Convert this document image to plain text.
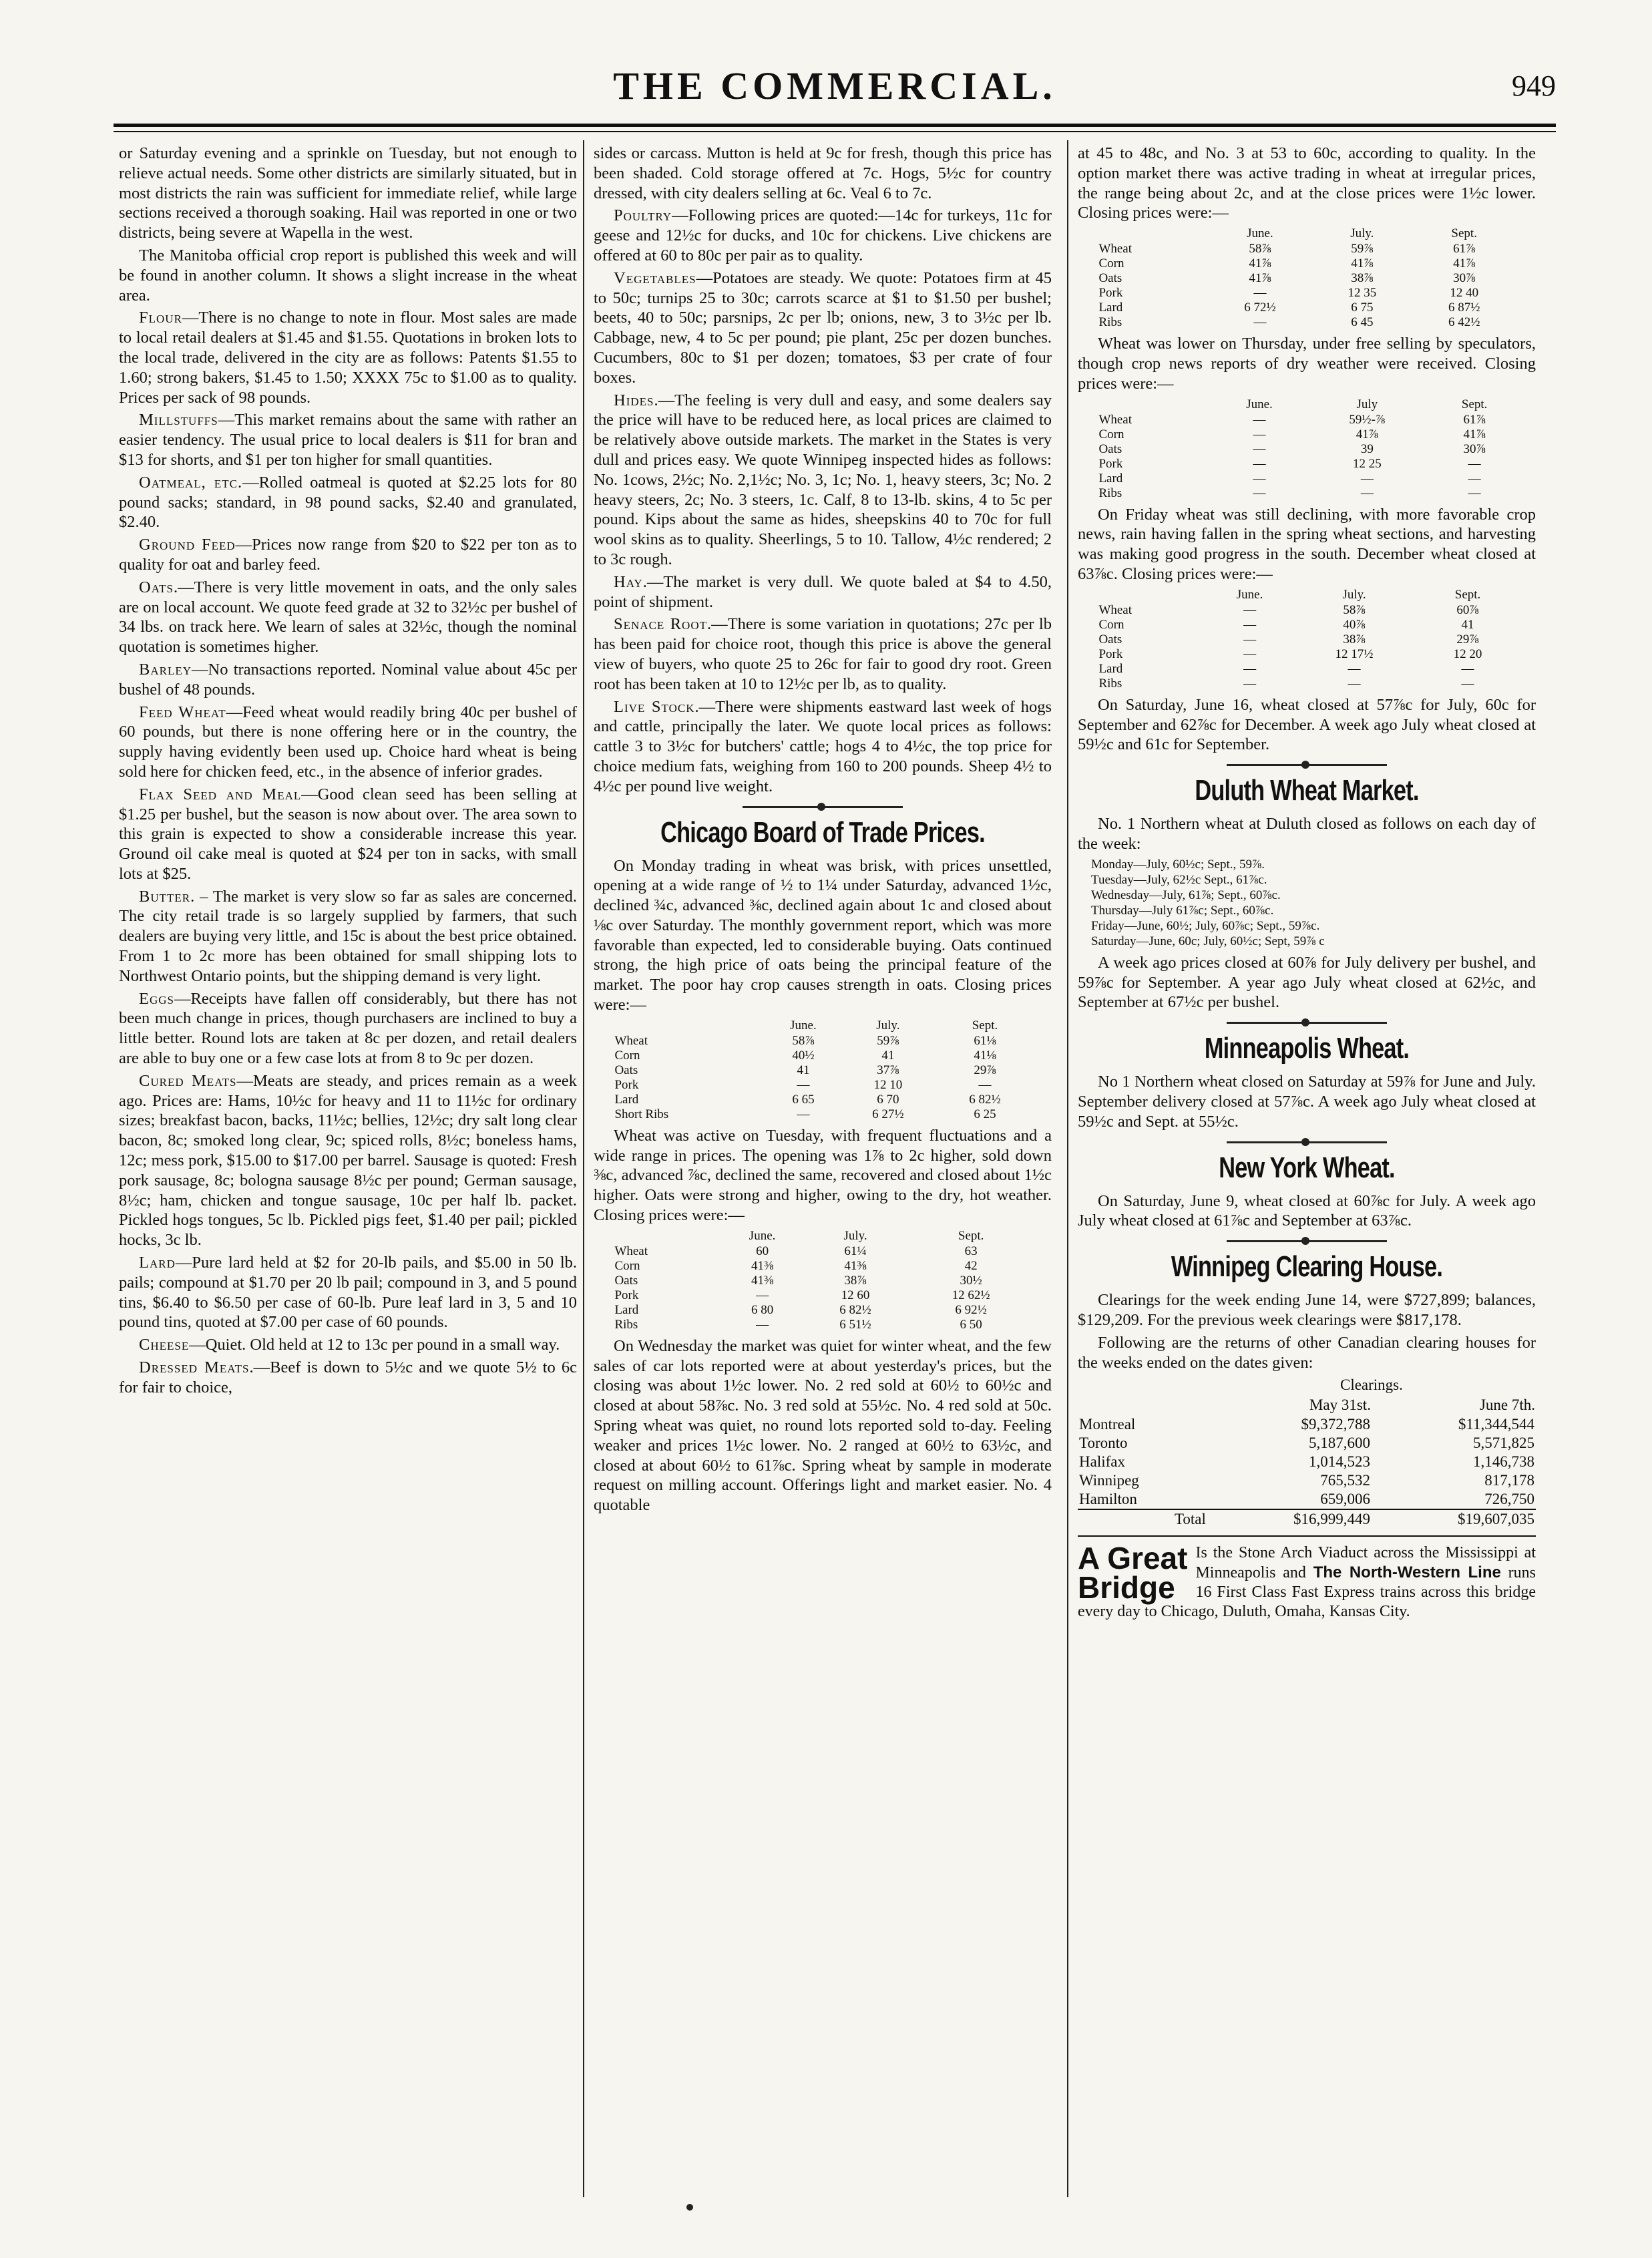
THE COMMERCIAL.	949

or Saturday evening and a sprinkle on Tuesday, but not enough to relieve actual needs. Some other districts are similarly situated, but in most districts the rain was sufficient for immediate relief, while large sections received a thorough soaking. Hail was reported in one or two districts, being severe at Wapella in the west.

The Manitoba official crop report is published this week and will be found in another column. It shows a slight increase in the wheat area.

Flour—There is no change to note in flour. Most sales are made to local retail dealers at $1.45 and $1.55. Quotations in broken lots to the local trade, delivered in the city are as follows: Patents $1.55 to 1.60; strong bakers, $1.45 to 1.50; XXXX 75c to $1.00 as to quality. Prices per sack of 98 pounds.

Millstuffs—This market remains about the same with rather an easier tendency. The usual price to local dealers is $11 for bran and $13 for shorts, and $1 per ton higher for small quantities.

Oatmeal, etc.—Rolled oatmeal is quoted at $2.25 lots for 80 pound sacks; standard, in 98 pound sacks, $2.40 and granulated, $2.40.

Ground Feed—Prices now range from $20 to $22 per ton as to quality for oat and barley feed.

Oats.—There is very little movement in oats, and the only sales are on local account. We quote feed grade at 32 to 32½c per bushel of 34 lbs. on track here. We learn of sales at 32½c, though the nominal quotation is sometimes higher.

Barley—No transactions reported. Nominal value about 45c per bushel of 48 pounds.

Feed Wheat—Feed wheat would readily bring 40c per bushel of 60 pounds, but there is none offering here or in the country, the supply having evidently been used up. Choice hard wheat is being sold here for chicken feed, etc., in the absence of inferior grades.

Flax Seed and Meal—Good clean seed has been selling at $1.25 per bushel, but the season is now about over. The area sown to this grain is expected to show a considerable increase this year. Ground oil cake meal is quoted at $24 per ton in sacks, with small lots at $25.

Butter. – The market is very slow so far as sales are concerned. The city retail trade is so largely supplied by farmers, that such dealers are buying very little, and 15c is about the best price obtained. From 1 to 2c more has been obtained for small shipping lots to Northwest Ontario points, but the shipping demand is very light.

Eggs—Receipts have fallen off considerably, but there has not been much change in prices, though purchasers are inclined to buy a little better. Round lots are taken at 8c per dozen, and retail dealers are able to buy one or a few case lots at from 8 to 9c per dozen.

Cured Meats—Meats are steady, and prices remain as a week ago. Prices are: Hams, 10½c for heavy and 11 to 11½c for ordinary sizes; breakfast bacon, backs, 11½c; bellies, 12½c; dry salt long clear bacon, 8c; smoked long clear, 9c; spiced rolls, 8½c; boneless hams, 12c; mess pork, $15.00 to $17.00 per barrel. Sausage is quoted: Fresh pork sausage, 8c; bologna sausage 8½c per pound; German sausage, 8½c; ham, chicken and tongue sausage, 10c per half lb. packet. Pickled hogs tongues, 5c lb. Pickled pigs feet, $1.40 per pail; pickled hocks, 3c lb.

Lard—Pure lard held at $2 for 20-lb pails, and $5.00 in 50 lb. pails; compound at $1.70 per 20 lb pail; compound in 3, and 5 pound tins, $6.40 to $6.50 per case of 60-lb. Pure leaf lard in 3, 5 and 10 pound tins, quoted at $7.00 per case of 60 pounds.

Cheese—Quiet. Old held at 12 to 13c per pound in a small way.

Dressed Meats.—Beef is down to 5½c and we quote 5½ to 6c for fair to choice,

sides or carcass. Mutton is held at 9c for fresh, though this price has been shaded. Cold storage offered at 7c. Hogs, 5½c for country dressed, with city dealers selling at 6c. Veal 6 to 7c.

Poultry—Following prices are quoted:—14c for turkeys, 11c for geese and 12½c for ducks, and 10c for chickens. Live chickens are offered at 60 to 80c per pair as to quality.

Vegetables—Potatoes are steady. We quote: Potatoes firm at 45 to 50c; turnips 25 to 30c; carrots scarce at $1 to $1.50 per bushel; beets, 40 to 50c; parsnips, 2c per lb; onions, new, 3 to 3½c per lb. Cabbage, new, 4 to 5c per pound; pie plant, 25c per dozen bunches. Cucumbers, 80c to $1 per dozen; tomatoes, $3 per crate of four boxes.

Hides.—The feeling is very dull and easy, and some dealers say the price will have to be reduced here, as local prices are claimed to be relatively above outside markets. The market in the States is very dull and prices easy. We quote Winnipeg inspected hides as follows: No. 1cows, 2½c; No. 2,1½c; No. 3, 1c; No. 1, heavy steers, 3c; No. 2 heavy steers, 2c; No. 3 steers, 1c. Calf, 8 to 13-lb. skins, 4 to 5c per pound. Kips about the same as hides, sheepskins 40 to 70c for full wool skins as to quality. Sheerlings, 5 to 10. Tallow, 4½c rendered; 2 to 3c rough.

Hay.—The market is very dull. We quote baled at $4 to 4.50, point of shipment.

Senace Root.—There is some variation in quotations; 27c per lb has been paid for choice root, though this price is above the general view of buyers, who quote 25 to 26c for fair to good dry root. Green root has been taken at 10 to 12½c per lb, as to quality.

Live Stock.—There were shipments eastward last week of hogs and cattle, principally the later. We quote local prices as follows: cattle 3 to 3½c for butchers' cattle; hogs 4 to 4½c, the top price for choice medium fats, weighing from 160 to 200 pounds. Sheep 4½ to 4½c per pound live weight.

Chicago Board of Trade Prices.

On Monday trading in wheat was brisk, with prices unsettled, opening at a wide range of ½ to 1¼ under Saturday, advanced 1½c, declined ¾c, advanced ⅜c, declined again about 1c and closed about ⅛c over Saturday. The monthly government report, which was more favorable than expected, led to considerable buying. Oats continued strong, the high price of oats being the principal feature of the market. The poor hay crop causes strength in oats. Closing prices were:—

	June.	July.	Sept.
Wheat	58⅞	59⅞	61⅛
Corn	40½	41	41⅛
Oats	41	37⅞	29⅞
Pork	—	12 10	—
Lard	6 65	6 70	6 82½
Short Ribs	—	6 27½	6 25

Wheat was active on Tuesday, with frequent fluctuations and a wide range in prices. The opening was 1⅞ to 2c higher, sold down ⅜c, advanced ⅞c, declined the same, recovered and closed about 1½c higher. Oats were strong and higher, owing to the dry, hot weather. Closing prices were:—

	June.	July.	Sept.
Wheat	60	61¼	63
Corn	41⅜	41⅜	42
Oats	41⅜	38⅞	30½
Pork	—	12 60	12 62½
Lard	6 80	6 82½	6 92½
Ribs	—	6 51½	6 50

On Wednesday the market was quiet for winter wheat, and the few sales of car lots reported were at about yesterday's prices, but the closing was about 1½c lower. No. 2 red sold at 60½ to 60½c and closed at about 58⅞c. No. 3 red sold at 55½c. No. 4 red sold at 50c. Spring wheat was quiet, no round lots reported sold to-day. Feeling weaker and prices 1½c lower. No. 2 ranged at 60½ to 63½c, and closed at about 60½ to 61⅞c. Spring wheat by sample in moderate request on milling account. Offerings light and market easier. No. 4 quotable

at 45 to 48c, and No. 3 at 53 to 60c, according to quality. In the option market there was active trading in wheat at irregular prices, the range being about 2c, and at the close prices were 1½c lower. Closing prices were:—

	June.	July.	Sept.
Wheat	58⅞	59⅞	61⅞
Corn	41⅞	41⅞	41⅞
Oats	41⅞	38⅞	30⅞
Pork	—	12 35	12 40
Lard	6 72½	6 75	6 87½
Ribs	—	6 45	6 42½

Wheat was lower on Thursday, under free selling by speculators, though crop news reports of dry weather were received. Closing prices were:—

	June.	July	Sept.
Wheat	—	59½-⅞	61⅞
Corn	—	41⅞	41⅞
Oats	—	39	30⅞
Pork	—	12 25	—
Lard	—	—	—
Ribs	—	—	—

On Friday wheat was still declining, with more favorable crop news, rain having fallen in the spring wheat sections, and harvesting was making good progress in the south. December wheat closed at 63⅞c. Closing prices were:—

	June.	July.	Sept.
Wheat	—	58⅞	60⅞
Corn	—	40⅞	41
Oats	—	38⅞	29⅞
Pork	—	12 17½	12 20
Lard	—	—	—
Ribs	—	—	—

On Saturday, June 16, wheat closed at 57⅞c for July, 60c for September and 62⅞c for December. A week ago July wheat closed at 59½c and 61c for September.

Duluth Wheat Market.

No. 1 Northern wheat at Duluth closed as follows on each day of the week:

Monday—July, 60½c; Sept., 59⅞.
Tuesday—July, 62½c Sept., 61⅞c.
Wednesday—July, 61⅞; Sept., 60⅞c.
Thursday—July 61⅞c; Sept., 60⅞c.
Friday—June, 60½; July, 60⅞c; Sept., 59⅞c.
Saturday—June, 60c; July, 60½c; Sept, 59⅞ c

A week ago prices closed at 60⅞ for July delivery per bushel, and 59⅞c for September. A year ago July wheat closed at 62½c, and September at 67½c per bushel.

Minneapolis Wheat.

No 1 Northern wheat closed on Saturday at 59⅞ for June and July. September delivery closed at 57⅞c. A week ago July wheat closed at 59½c and Sept. at 55½c.

New York Wheat.

On Saturday, June 9, wheat closed at 60⅞c for July. A week ago July wheat closed at 61⅞c and September at 63⅞c.

Winnipeg Clearing House.

Clearings for the week ending June 14, were $727,899; balances, $129,209. For the previous week clearings were $817,178.

Following are the returns of other Canadian clearing houses for the weeks ended on the dates given:

	Clearings.	
	May 31st.	June 7th.
Montreal	$9,372,788	$11,344,544
Toronto	5,187,600	5,571,825
Halifax	1,014,523	1,146,738
Winnipeg	765,532	817,178
Hamilton	659,006	726,750
Total	$16,999,449	$19,607,035
A Great
Bridge
Is the Stone Arch Viaduct across the Mississippi at Minneapolis and The North-Western Line runs 16 First Class Fast Express trains across this bridge every day to Chicago, Duluth, Omaha, Kansas City.
